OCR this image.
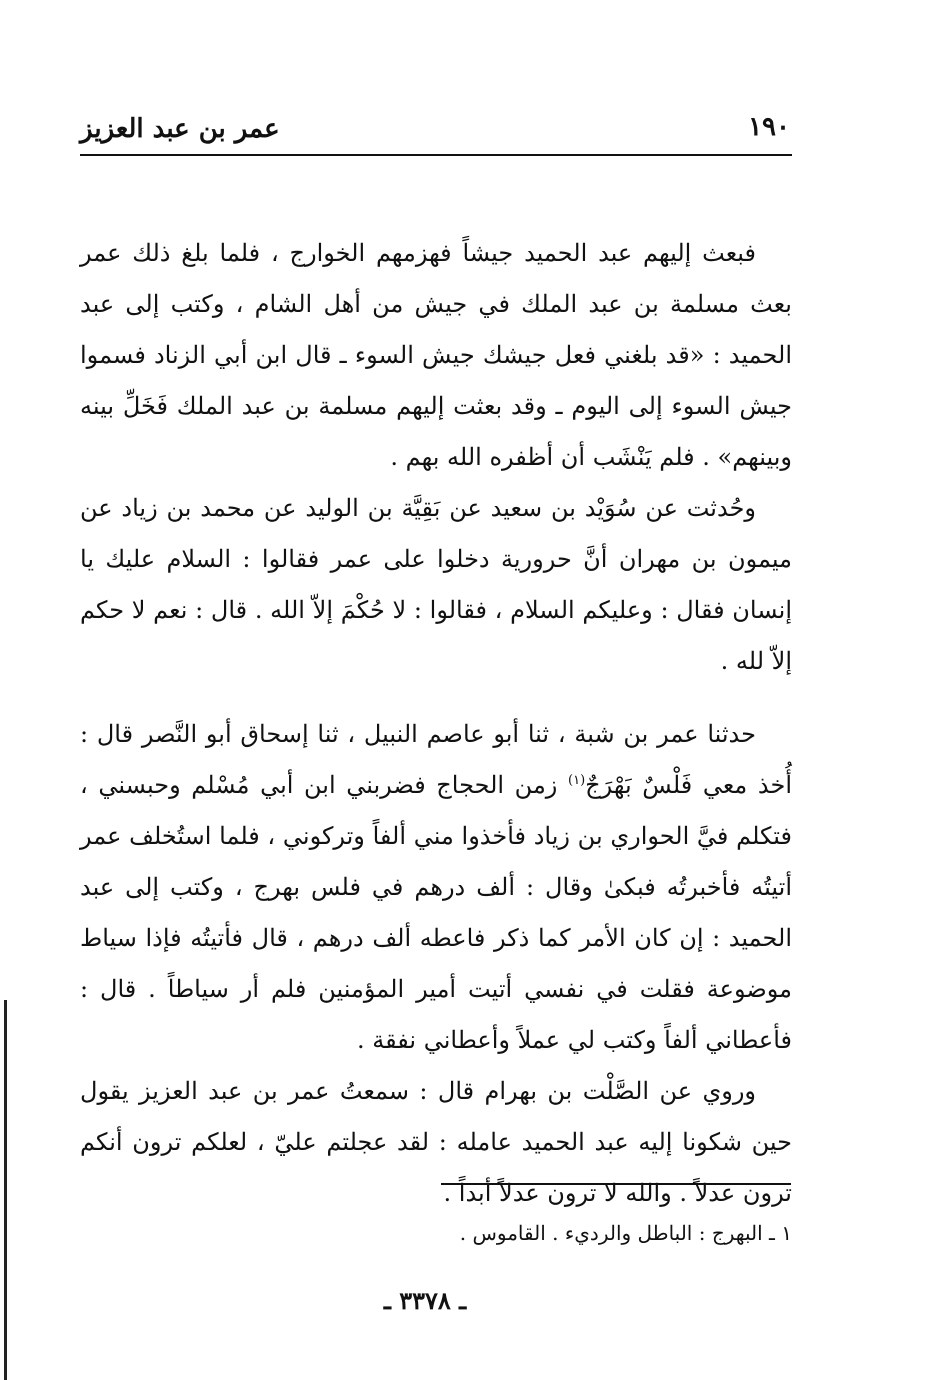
١٩٠
عمر بن عبد العزيز

فبعث إليهم عبد الحميد جيشاً فهزمهم الخوارج ، فلما بلغ ذلك عمر بعث مسلمة بن عبد الملك في جيش من أهل الشام ، وكتب إلى عبد الحميد : «قد بلغني فعل جيشك جيش السوء ـ قال ابن أبي الزناد فسموا جيش السوء إلى اليوم ـ وقد بعثت إليهم مسلمة بن عبد الملك فَخَلِّ بينه وبينهم» . فلم يَنْشَب أن أظفره الله بهم .

وحُدثت عن سُوَيْد بن سعيد عن بَقِيَّة بن الوليد عن محمد بن زياد عن ميمون بن مهران أنَّ حرورية دخلوا على عمر فقالوا : السلام عليك يا إنسان فقال : وعليكم السلام ، فقالوا : لا حُكْمَ إلاّ الله . قال : نعم لا حكم إلاّ لله .

حدثنا عمر بن شبة ، ثنا أبو عاصم النبيل ، ثنا إسحاق أبو النَّصر قال : أُخذ معي فَلْسٌ بَهْرَجٌ$^{(١)}$ زمن الحجاج فضربني ابن أبي مُسْلم وحبسني ، فتكلم فيَّ الحواري بن زياد فأخذوا مني ألفاً وتركوني ، فلما استُخلف عمر أتيتُه فأخبرتُه فبكىٰ وقال : ألف درهم في فلس بهرج ، وكتب إلى عبد الحميد : إن كان الأمر كما ذكر فاعطه ألف درهم ، قال فأتيتُه فإذا سياط موضوعة فقلت في نفسي أتيت أمير المؤمنين فلم أر سياطاً . قال : فأعطاني ألفاً وكتب لي عملاً وأعطاني نفقة .

وروي عن الصَّلْت بن بهرام قال : سمعتُ عمر بن عبد العزيز يقول حين شكونا إليه عبد الحميد عامله : لقد عجلتم عليّ ، لعلكم ترون أنكم ترون عدلاً . والله لا ترون عدلاً أبداً .

١ ـ البهرج : الباطل والرديء . القاموس .
ـ ٣٣٧٨ ـ
